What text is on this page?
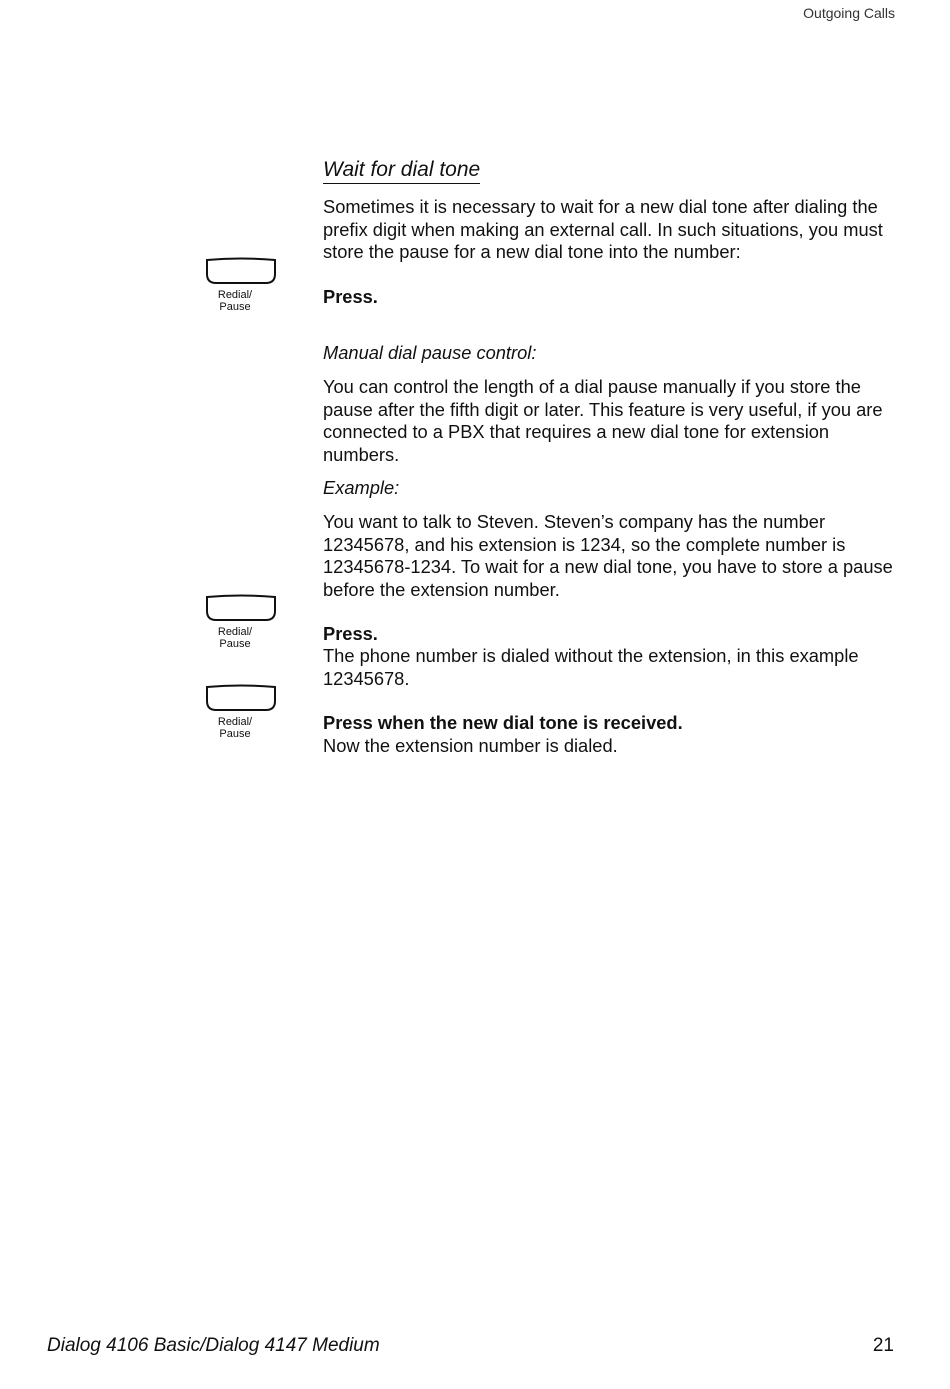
Outgoing Calls
Wait for dial tone

Sometimes it is necessary to wait for a new dial tone after dialing the prefix digit when making an external call. In such situations, you must store the pause for a new dial tone into the number:

Redial/
Pause	Press.

Manual dial pause control:

You can control the length of a dial pause manually if you store the pause after the fifth digit or later. This feature is very useful, if you are connected to a PBX that requires a new dial tone for extension numbers.

Example:

You want to talk to Steven. Steven’s company has the number 12345678, and his extension is 1234, so the complete number is 12345678-1234. To wait for a new dial tone, you have to store a pause before the extension number.

Redial/
Pause	Press.

The phone number is dialed without the extension, in this example 12345678.

Redial/
Pause

Press when the new dial tone is received.

Now the extension number is dialed.

Dialog 4106 Basic/Dialog 4147 Medium	21
